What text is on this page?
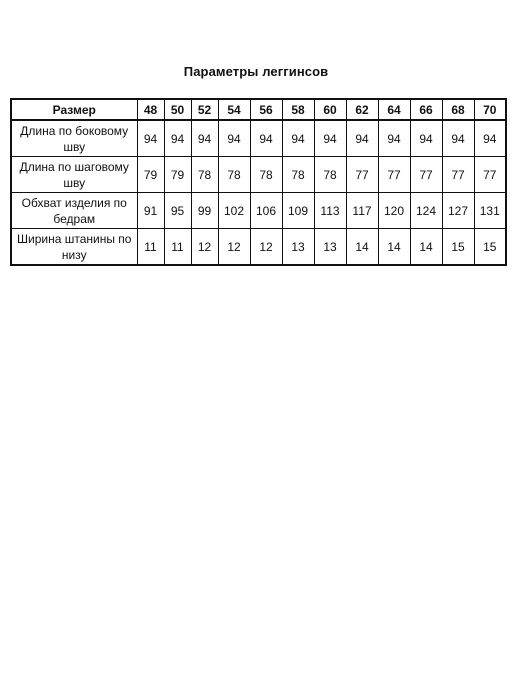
Параметры леггинсов
Размер	48	50	52	54	56	58	60	62	64	66	68	70
Длина по боковому шву	94	94	94	94	94	94	94	94	94	94	94	94
Длина по шаговому шву	79	79	78	78	78	78	78	77	77	77	77	77
Обхват изделия по бедрам	91	95	99	102	106	109	113	117	120	124	127	131
Ширина штанины по низу	11	11	12	12	12	13	13	14	14	14	15	15
